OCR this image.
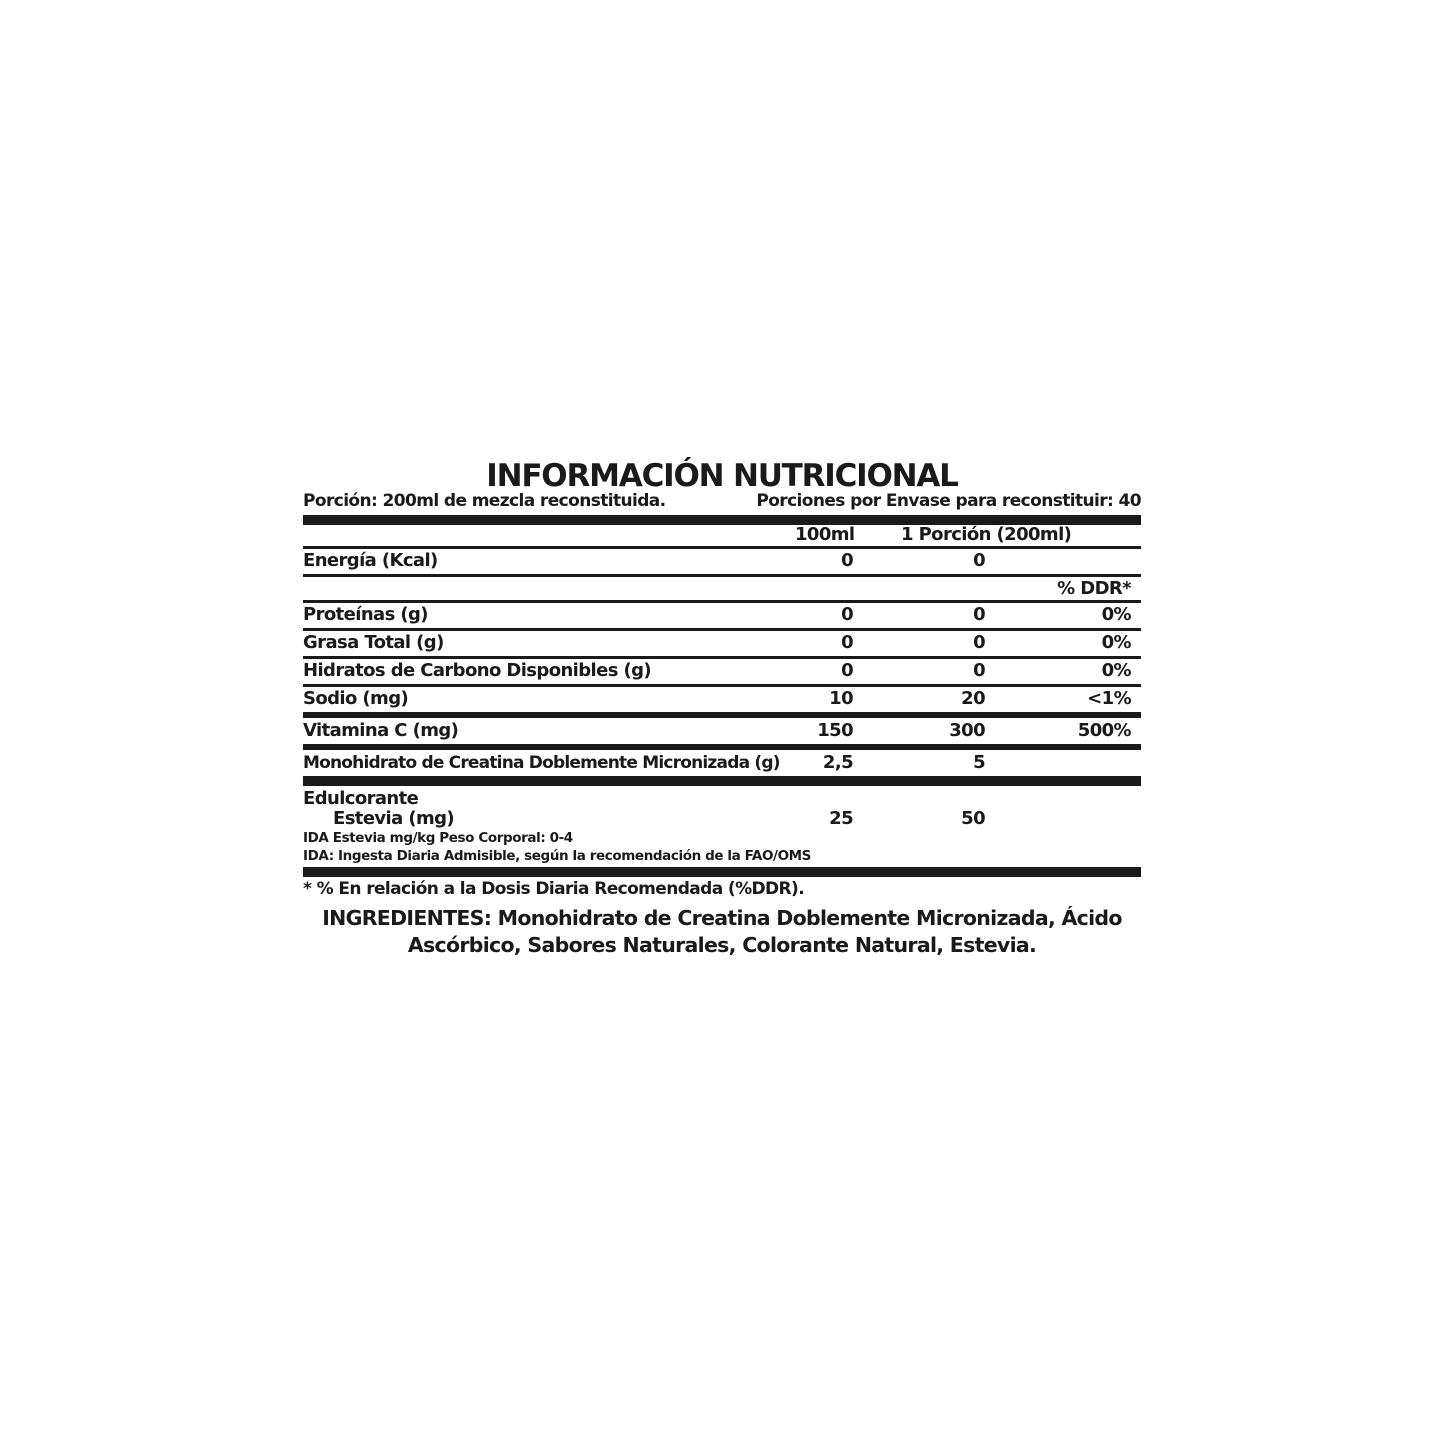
INFORMACIÓN NUTRICIONAL
Porción: 200ml de mezcla reconstituida.	Porciones por Envase para reconstituir: 40
100ml	1 Porción (200ml)
Energía (Kcal)	0	0
% DDR*
Proteínas (g)	0	0	0%
Grasa Total (g)	0	0	0%
Hidratos de Carbono Disponibles (g)	0	0	0%
Sodio (mg)	10	20	<1%
Vitamina C (mg)	150	300	500%
Monohidrato de Creatina Doblemente Micronizada (g) 2,5	5
Edulcorante
Estevia (mg)	25	50
IDA Estevia mg/kg Peso Corporal: 0-4
IDA: Ingesta Diaria Admisible, según la recomendación de la FAO/OMS
* % En relación a la Dosis Diaria Recomendada (%DDR).
INGREDIENTES: Monohidrato de Creatina Doblemente Micronizada, Ácido Ascórbico, Sabores Naturales, Colorante Natural, Estevia.
